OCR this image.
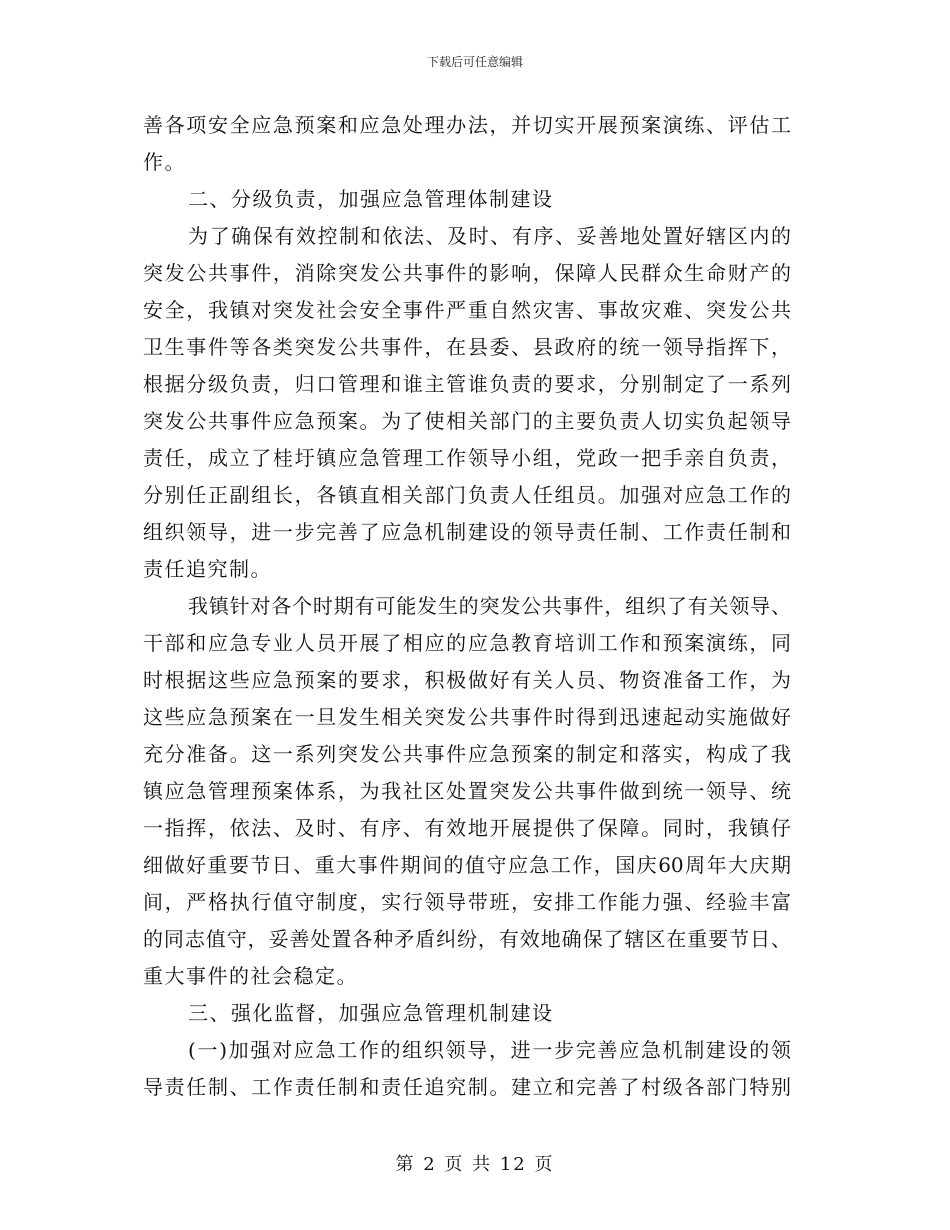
下载后可任意编辑
善各项安全应急预案和应急处理办法，并切实开展预案演练、评估工
作。
二、分级负责，加强应急管理体制建设
为了确保有效控制和依法、及时、有序、妥善地处置好辖区内的
突发公共事件，消除突发公共事件的影响，保障人民群众生命财产的
安全，我镇对突发社会安全事件严重自然灾害、事故灾难、突发公共
卫生事件等各类突发公共事件，在县委、县政府的统一领导指挥下，
根据分级负责，归口管理和谁主管谁负责的要求，分别制定了一系列
突发公共事件应急预案。为了使相关部门的主要负责人切实负起领导
责任，成立了桂圩镇应急管理工作领导小组，党政一把手亲自负责，
分别任正副组长，各镇直相关部门负责人任组员。加强对应急工作的
组织领导，进一步完善了应急机制建设的领导责任制、工作责任制和
责任追究制。
我镇针对各个时期有可能发生的突发公共事件，组织了有关领导、
干部和应急专业人员开展了相应的应急教育培训工作和预案演练，同
时根据这些应急预案的要求，积极做好有关人员、物资准备工作，为
这些应急预案在一旦发生相关突发公共事件时得到迅速起动实施做好
充分准备。这一系列突发公共事件应急预案的制定和落实，构成了我
镇应急管理预案体系，为我社区处置突发公共事件做到统一领导、统
一指挥，依法、及时、有序、有效地开展提供了保障。同时，我镇仔
细做好重要节日、重大事件期间的值守应急工作，国庆60周年大庆期
间，严格执行值守制度，实行领导带班，安排工作能力强、经验丰富
的同志值守，妥善处置各种矛盾纠纷，有效地确保了辖区在重要节日、
重大事件的社会稳定。
三、强化监督，加强应急管理机制建设
(一)加强对应急工作的组织领导，进一步完善应急机制建设的领
导责任制、工作责任制和责任追究制。建立和完善了村级各部门特别
第 2 页 共 12 页
